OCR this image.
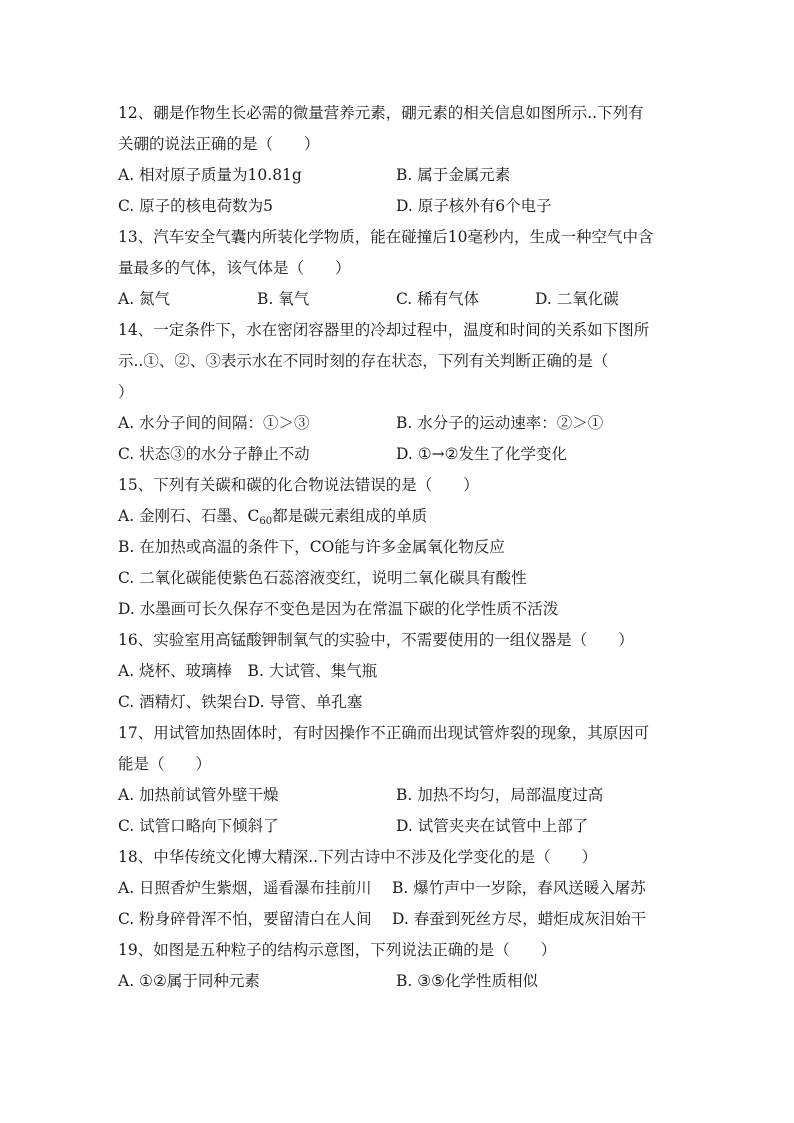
12、硼是作物生长必需的微量营养元素，硼元素的相关信息如图所示..下列有
关硼的说法正确的是（　　）
A. 相对原子质量为10.81g	B. 属于金属元素
C. 原子的核电荷数为5	D. 原子核外有6个电子
13、汽车安全气囊内所装化学物质，能在碰撞后10毫秒内，生成一种空气中含
量最多的气体，该气体是（　　）
A. 氮气	B. 氧气	C. 稀有气体	D. 二氧化碳
14、一定条件下，水在密闭容器里的冷却过程中，温度和时间的关系如下图所
示..①、②、③表示水在不同时刻的存在状态，下列有关判断正确的是（
）
A. 水分子间的间隔：①＞③	B. 水分子的运动速率：②＞①
C. 状态③的水分子静止不动	D. ①→②发生了化学变化
15、下列有关碳和碳的化合物说法错误的是（　　）
A. 金刚石、石墨、$C_{60}$都是碳元素组成的单质
B. 在加热或高温的条件下，CO能与许多金属氧化物反应
C. 二氧化碳能使紫色石蕊溶液变红，说明二氧化碳具有酸性
D. 水墨画可长久保存不变色是因为在常温下碳的化学性质不活泼
16、实验室用高锰酸钾制氧气的实验中，不需要使用的一组仪器是（　　）
A. 烧杯、玻璃棒　B. 大试管、集气瓶
C. 酒精灯、铁架台D. 导管、单孔塞
17、用试管加热固体时，有时因操作不正确而出现试管炸裂的现象，其原因可
能是（　　）
A. 加热前试管外壁干燥	B. 加热不均匀，局部温度过高
C. 试管口略向下倾斜了	D. 试管夹夹在试管中上部了
18、中华传统文化博大精深..下列古诗中不涉及化学变化的是（　　）
A. 日照香炉生紫烟，遥看瀑布挂前川 B. 爆竹声中一岁除，春风送暖入屠苏
C. 粉身碎骨浑不怕，要留清白在人间 D. 春蚕到死丝方尽，蜡炬成灰泪始干
19、如图是五种粒子的结构示意图，下列说法正确的是（　　）
A. ①②属于同种元素	B. ③⑤化学性质相似
